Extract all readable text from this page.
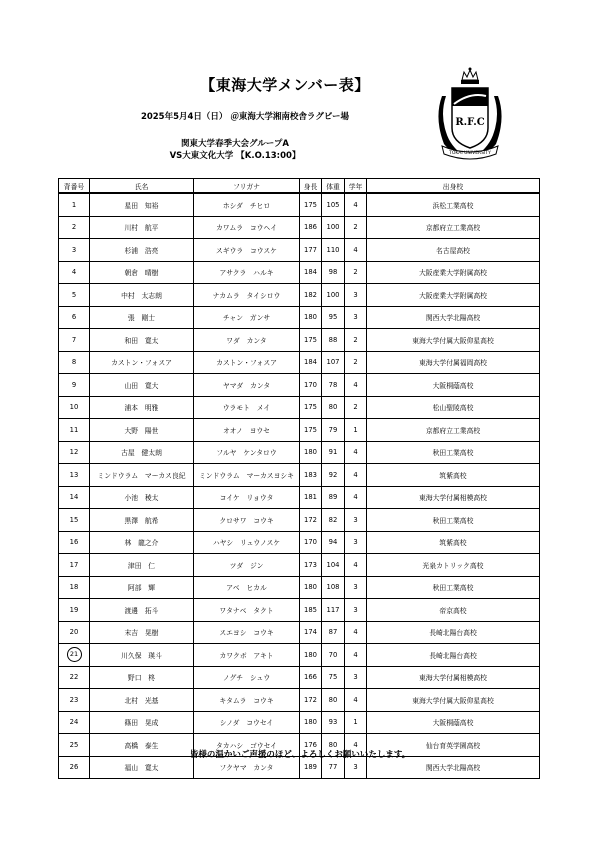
【東海大学メンバー表】
2025年5月4日（日） ＠東海大学湘南校舎ラグビー場
関東大学春季大会グループA
VS大東文化大学 【K.O.13:00】
R.F.C
TOKAI UNIVERSITY
背番号	氏名	フリガナ	身長	体重	学年	出身校
1	星田　知裕	ホシダ　チヒロ	175	105	4	浜松工業高校
2	川村　航平	カワムラ　コウヘイ	186	100	2	京都府立工業高校
3	杉浦　浩亮	スギウラ　コウスケ	177	110	4	名古屋高校
4	朝倉　晴樹	アサクラ　ハルキ	184	98	2	大阪産業大学附属高校
5	中村　太志朗	ナカムラ　タイシロウ	182	100	3	大阪産業大学附属高校
6	張　剛士	チャン　ガンサ	180	95	3	関西大学北陽高校
7	和田　寛太	ワダ　カンタ	175	88	2	東海大学付属大阪仰星高校
8	カストン・フォスア	カストン・フォスア	184	107	2	東海大学付属福岡高校
9	山田　寛大	ヤマダ　カンタ	170	78	4	大阪桐蔭高校
10	浦本　明雅	ウラモト　メイ	175	80	2	松山聖陵高校
11	大野　陽世	オオノ　ヨウセ	175	79	1	京都府立工業高校
12	古屋　健太朗	フルヤ　ケンタロウ	180	91	4	秋田工業高校
13	ミンドウラム　マーカス良紀	ミンドウラム　マーカスヨシキ	183	92	4	筑紫高校
14	小池　稜太	コイケ　リョウタ	181	89	4	東海大学付属相模高校
15	黒澤　航希	クロサワ　コウキ	172	82	3	秋田工業高校
16	林　龍之介	ハヤシ　リュウノスケ	170	94	3	筑紫高校
17	津田　仁	ツダ　ジン	173	104	4	光泉カトリック高校
18	阿部　輝	アベ　ヒカル	180	108	3	秋田工業高校
19	渡邊　拓斗	ワタナベ　タクト	185	117	3	帝京高校
20	末吉　晃樹	スエヨシ　コウキ	174	87	4	長崎北陽台高校
21	川久保　瑛斗	カワクボ　アキト	180	70	4	長崎北陽台高校
22	野口　柊	ノグチ　シュウ	166	75	3	東海大学付属相模高校
23	北村　光基	キタムラ　コウキ	172	80	4	東海大学付属大阪仰星高校
24	篠田　晃成	シノダ　コウセイ	180	93	1	大阪桐蔭高校
25	高橋　泰生	タカハシ　ゴウセイ	176	80	4	仙台育英学園高校
26	福山　寛太	フクヤマ　カンタ	189	77	3	関西大学北陽高校
皆様の温かいご声援のほど、よろしくお願いいたします。
